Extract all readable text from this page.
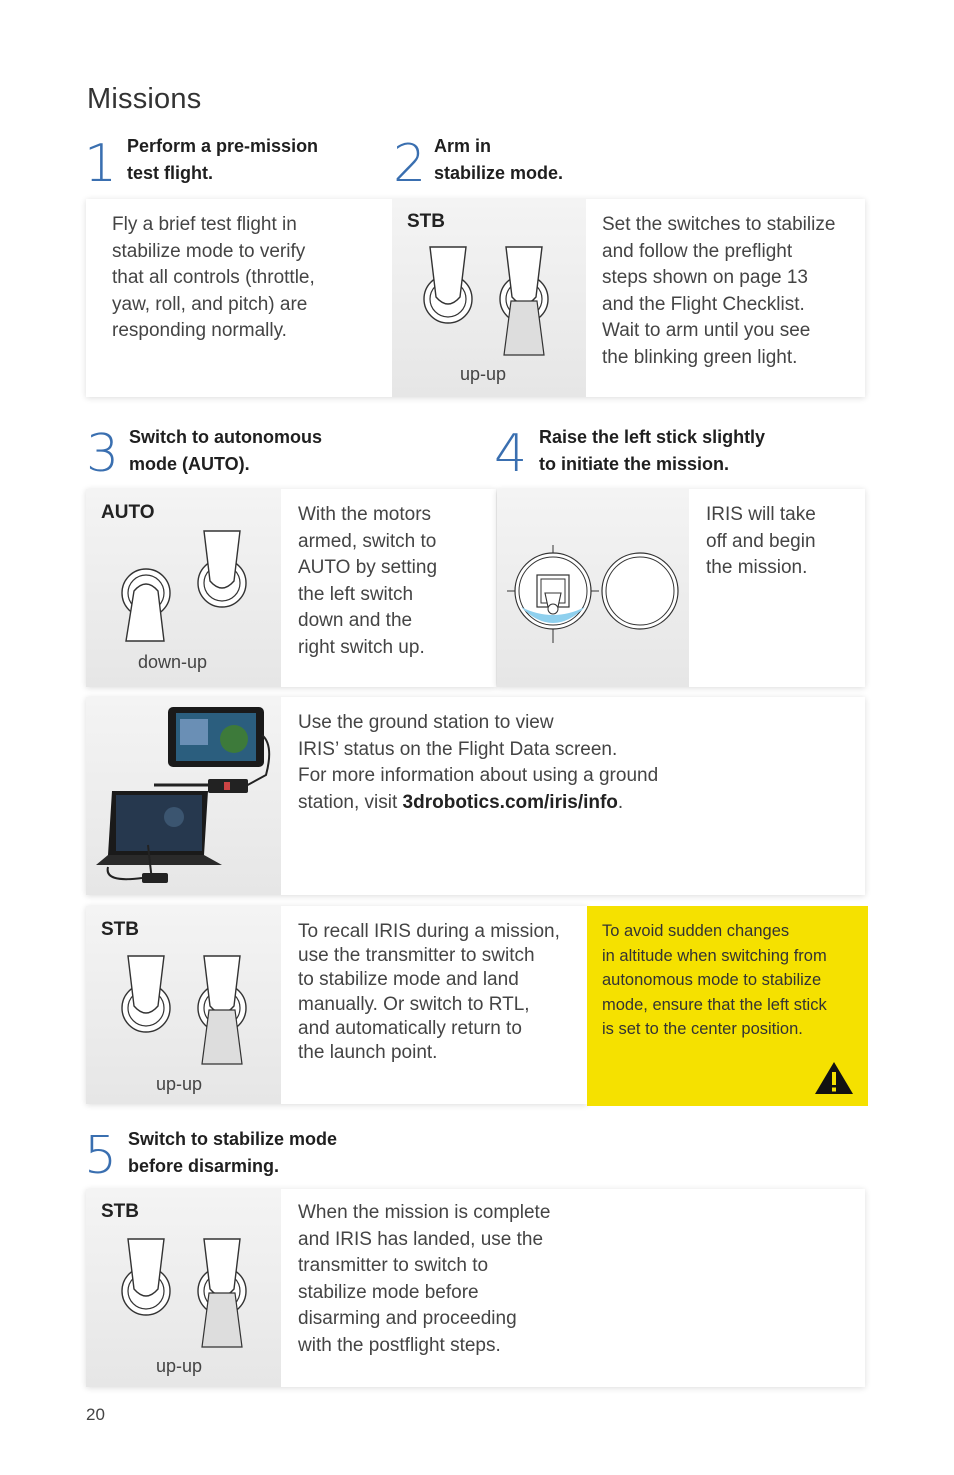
Missions
1 Perform a pre-mission
test flight.	2 Arm in
stabilize mode.
Fly a brief test flight in
stabilize mode to verify
that all controls (throttle,
yaw, roll, and pitch) are
responding normally.
STB
up-up
Set the switches to stabilize
and follow the preflight
steps shown on page 13
and the Flight Checklist.
Wait to arm until you see
the blinking green light.
3 Switch to autonomous
mode (AUTO).	4 Raise the left stick slightly
to initiate the mission.
AUTO
down-up
With the motors
armed, switch to
AUTO by setting
the left switch
down and the
right switch up.
IRIS will take
off and begin
the mission.
Use the ground station to view
IRIS’ status on the Flight Data screen.
For more information about using a ground
station, visit 3drobotics.com/iris/info.
STB
up-up
To recall IRIS during a mission,
use the transmitter to switch
to stabilize mode and land
manually. Or switch to RTL,
and automatically return to
the launch point.
To avoid sudden changes
in altitude when switching from
autonomous mode to stabilize
mode, ensure that the left stick
is set to the center position.
5 Switch to stabilize mode
before disarming.
STB
up-up
When the mission is complete
and IRIS has landed, use the
transmitter to switch to
stabilize mode before
disarming and proceeding
with the postflight steps.
20
